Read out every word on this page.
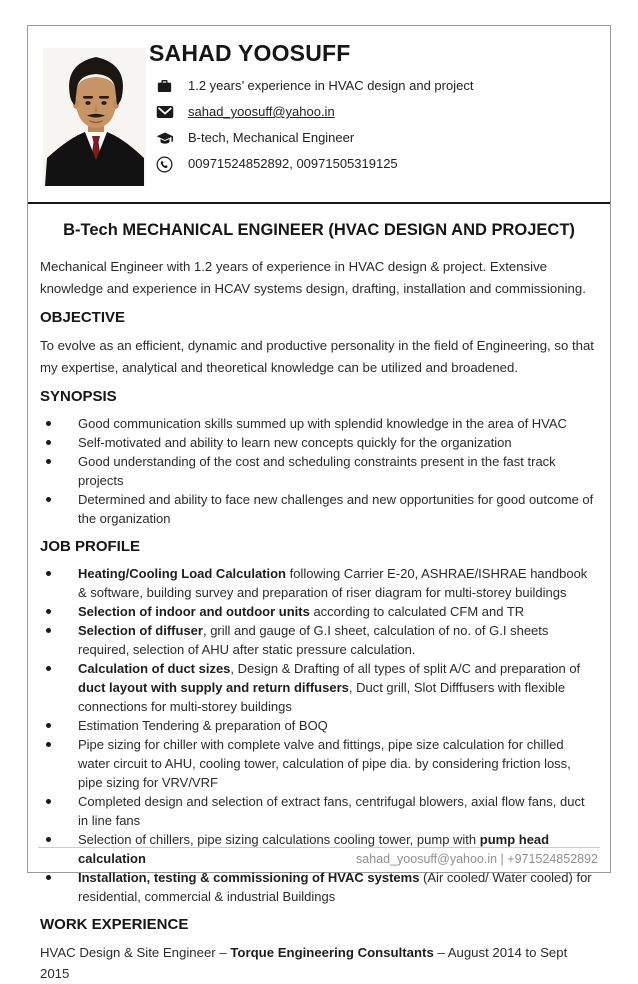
SAHAD YOOSUFF
1.2 years’ experience in HVAC design and project
sahad_yoosuff@yahoo.in
B-tech, Mechanical Engineer
00971524852892, 00971505319125
B-Tech MECHANICAL ENGINEER (HVAC DESIGN AND PROJECT)

Mechanical Engineer with 1.2 years of experience in HVAC design & project. Extensive knowledge and experience in HCAV systems design, drafting, installation and commissioning.

OBJECTIVE

To evolve as an efficient, dynamic and productive personality in the field of Engineering, so that my expertise, analytical and theoretical knowledge can be utilized and broadened.

SYNOPSIS
Good communication skills summed up with splendid knowledge in the area of HVAC
Self-motivated and ability to learn new concepts quickly for the organization
Good understanding of the cost and scheduling constraints present in the fast track projects
Determined and ability to face new challenges and new opportunities for good outcome of the organization
JOB PROFILE
Heating/Cooling Load Calculation following Carrier E-20, ASHRAE/ISHRAE handbook & software, building survey and preparation of riser diagram for multi-storey buildings
Selection of indoor and outdoor units according to calculated CFM and TR
Selection of diffuser, grill and gauge of G.I sheet, calculation of no. of G.I sheets required, selection of AHU after static pressure calculation.
Calculation of duct sizes, Design & Drafting of all types of split A/C and preparation of duct layout with supply and return diffusers, Duct grill, Slot Difffusers with flexible connections for multi-storey buildings
Estimation Tendering & preparation of BOQ
Pipe sizing for chiller with complete valve and fittings, pipe size calculation for chilled water circuit to AHU, cooling tower, calculation of pipe dia. by considering friction loss, pipe sizing for VRV/VRF
Completed design and selection of extract fans, centrifugal blowers, axial flow fans, duct in line fans
Selection of chillers, pipe sizing calculations cooling tower, pump with pump head calculation
Installation, testing & commissioning of HVAC systems (Air cooled/ Water cooled) for residential, commercial & industrial Buildings
WORK EXPERIENCE

HVAC Design & Site Engineer – Torque Engineering Consultants – August 2014 to Sept 2015

sahad_yoosuff@yahoo.in | +971524852892
